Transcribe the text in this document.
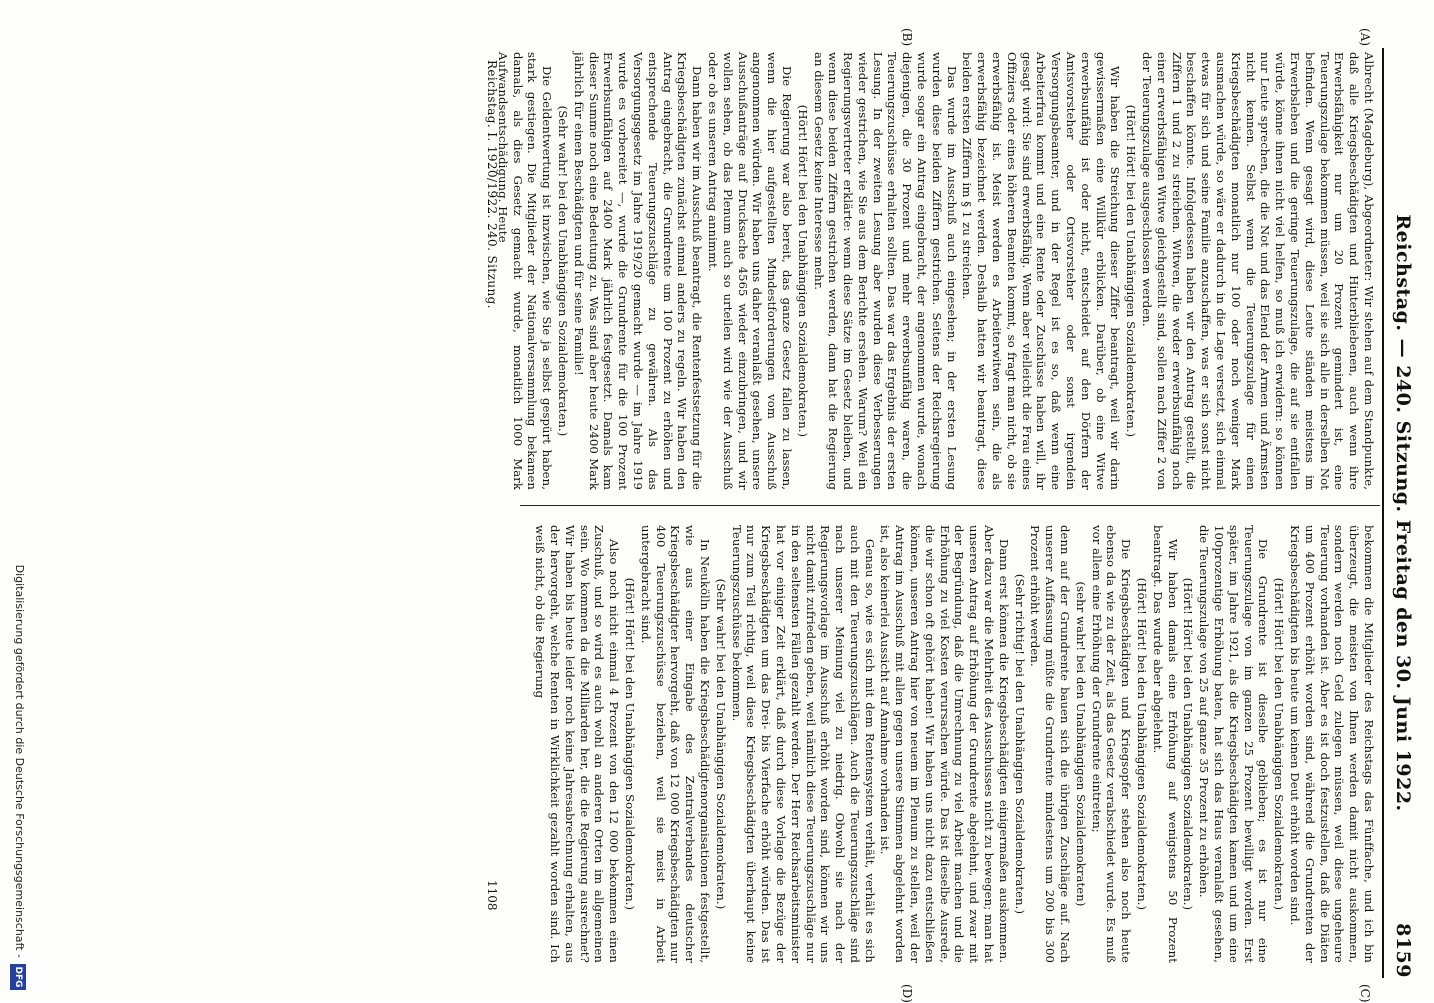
Reichstag. — 240. Sitzung. Freitag den 30. Juni 1922.
8159
(A)
(B)
(C)
(D)

Albrecht (Magdeburg), Abgeordneter: Wir stehen auf dem Standpunkte, daß alle Kriegsbeschädigten und Hinterbliebenen, auch wenn ihre Erwerbsfähigkeit nur um 20 Prozent gemindert ist, eine Teuerungszulage bekommen müssen, weil sie sich alle in derselben Not befinden. Wenn gesagt wird, diese Leute ständen meistens im Erwerbsleben und die geringe Teuerungszulage, die auf sie entfallen würde, könne ihnen nicht viel helfen, so muß ich erwidern: so können nur Leute sprechen, die die Not und das Elend der Armen und Ärmsten nicht kennen. Selbst wenn die Teuerungszulage für einen Kriegsbeschädigten monatlich nur 100 oder noch weniger Mark ausmachen würde, so wäre er dadurch in die Lage versetzt, sich einmal etwas für sich und seine Familie anzuschaffen, was er sich sonst nicht beschaffen könnte. Infolgedessen haben wir den Antrag gestellt, die Ziffern 1 und 2 zu streichen. Witwen, die weder erwerbsunfähig noch einer erwerbsfähigen Witwe gleichgestellt sind, sollen nach Ziffer 2 von der Teuerungszulage ausgeschlossen werden.

(Hört! Hört! bei den Unabhängigen Sozialdemokraten.)

Wir haben die Streichung dieser Ziffer beantragt, weil wir darin gewissermaßen eine Willkür erblicken. Darüber, ob eine Witwe erwerbsunfähig ist oder nicht, entscheidet auf den Dörfern der Amtsvorsteher oder Ortsvorsteher oder sonst irgendein Versorgungsbeamter, und in der Regel ist es so, daß wenn eine Arbeiterfrau kommt und eine Rente oder Zuschüsse haben will, ihr gesagt wird: Sie sind erwerbsfähig. Wenn aber vielleicht die Frau eines Offiziers oder eines höheren Beamten kommt, so fragt man nicht, ob sie erwerbsfähig ist. Meist werden es Arbeiterwitwen sein, die als erwerbsfähig bezeichnet werden. Deshalb hatten wir beantragt, diese beiden ersten Ziffern im § 1 zu streichen.

Das wurde im Ausschuß auch eingesehen; in der ersten Lesung wurden diese beiden Ziffern gestrichen. Seitens der Reichsregierung wurde sogar ein Antrag eingebracht, der angenommen wurde, wonach diejenigen, die 30 Prozent und mehr erwerbsunfähig waren, die Teuerungszuschüsse erhalten sollten. Das war das Ergebnis der ersten Lesung. In der zweiten Lesung aber wurden diese Verbesserungen wieder gestrichen, wie Sie aus dem Berichte ersehen. Warum? Weil ein Regierungsvertreter erklärte: wenn diese Sätze im Gesetz bleiben, und wenn diese beiden Ziffern gestrichen werden, dann hat die Regierung an diesem Gesetz keine Interesse mehr.

(Hört! Hört! bei den Unabhängigen Sozialdemokraten.)

Die Regierung war also bereit, das ganze Gesetz fallen zu lassen, wenn die hier aufgestellten Mindestforderungen vom Ausschuß angenommen würden. Wir haben uns daher veranlaßt gesehen, unsere Ausschußanträge auf Drucksache 4565 wieder einzubringen, und wir wollen sehen, ob das Plenum auch so urteilen wird wie der Ausschuß oder ob es unseren Antrag annimmt.

Dann haben wir im Ausschuß beantragt, die Rentenfestsetzung für die Kriegsbeschädigten zunächst einmal anders zu regeln. Wir haben den Antrag eingebracht, die Grundrente um 100 Prozent zu erhöhen und entsprechende Teuerungszuschläge zu gewähren. Als das Versorgungsgesetz im Jahre 1919/20 gemacht wurde — im Jahre 1919 wurde es vorbereitet —, wurde die Grundrente für die 100 Prozent Erwerbsunfähigen auf 2400 Mark jährlich festgesetzt. Damals kam dieser Summe noch eine Bedeutung zu. Was sind aber heute 2400 Mark jährlich für einen Beschädigten und für seine Familie!

(Sehr wahr! bei den Unabhängigen Sozialdemokraten.)

Die Geldentwertung ist inzwischen, wie Sie ja selbst gespürt haben, stark gestiegen. Die Mitglieder der Nationalversammlung bekamen damals, als dies Gesetz gemacht wurde, monatlich 1000 Mark Aufwandsentschädigung. Heute

bekommen die Mitglieder des Reichstags das Fünffache, und ich bin überzeugt, die meisten von Ihnen werden damit nicht auskommen, sondern werden noch Geld zulegen müssen, weil diese ungeheure Teuerung vorhanden ist. Aber es ist doch festzustellen, daß die Diäten um 400 Prozent erhöht worden sind, während die Grundrenten der Kriegsbeschädigten bis heute um keinen Deut erhöht worden sind.

(Hört! Hört! bei den Unabhängigen Sozialdemokraten.)

Die Grundrente ist dieselbe geblieben; es ist nur eine Teuerungszulage von im ganzen 25 Prozent bewilligt worden. Erst später, im Jahre 1921, als die Kriegsbeschädigten kamen und um eine 100prozentige Erhöhung baten, hat sich das Haus veranlaßt gesehen, die Teuerungszulage von 25 auf ganze 35 Prozent zu erhöhen.

(Hört! Hört! bei den Unabhängigen Sozialdemokraten.)

Wir haben damals eine Erhöhung auf wenigstens 50 Prozent beantragt. Das wurde aber abgelehnt.

(Hört! Hört! bei den Unabhängigen Sozialdemokraten.)

Die Kriegsbeschädigten und Kriegsopfer stehen also noch heute ebenso da wie zu der Zeit, als das Gesetz verabschiedet wurde. Es muß vor allem eine Erhöhung der Grundrente eintreten;

(sehr wahr! bei den Unabhängigen Sozialdemokraten)

denn auf der Grundrente bauen sich die übrigen Zuschläge auf. Nach unserer Auffassung müßte die Grundrente mindestens um 200 bis 300 Prozent erhöht werden.

(Sehr richtig! bei den Unabhängigen Sozialdemokraten.)

Dann erst können die Kriegsbeschädigten einigermaßen auskommen. Aber dazu war die Mehrheit des Ausschusses nicht zu bewegen; man hat unseren Antrag auf Erhöhung der Grundrente abgelehnt, und zwar mit der Begründung, daß die Umrechnung zu viel Arbeit machen und die Erhöhung zu viel Kosten verursachen würde. Das ist dieselbe Ausrede, die wir schon oft gehört haben! Wir haben uns nicht dazu entschließen können, unseren Antrag hier von neuem im Plenum zu stellen, weil der Antrag im Ausschuß mit allen gegen unsere Stimmen abgelehnt worden ist, also keinerlei Aussicht auf Annahme vorhanden ist.

Genau so, wie es sich mit dem Rentensystem verhält, verhält es sich auch mit den Teuerungszuschlägen. Auch die Teuerungszuschläge sind nach unserer Meinung viel zu niedrig. Obwohl sie nach der Regierungsvorlage im Ausschuß erhöht worden sind, können wir uns nicht damit zufrieden geben, weil nämlich diese Teuerungszuschläge nur in den seltensten Fällen gezahlt werden. Der Herr Reichsarbeitsminister hat vor einiger Zeit erklärt, daß durch diese Vorlage die Bezüge der Kriegsbeschädigten um das Drei- bis Vierfache erhöht würden. Das ist nur zum Teil richtig, weil diese Kriegsbeschädigten überhaupt keine Teuerungszuschüsse bekommen.

(Sehr wahr! bei den Unabhängigen Sozialdemokraten.)

In Neukölln haben die Kriegsbeschädigtenorganisationen festgestellt, wie aus einer Eingabe des Zentralverbandes deutscher Kriegsbeschädigter hervorgeht, daß von 12 000 Kriegsbeschädigten nur 400 Teuerungszuschüsse beziehen, weil sie meist in Arbeit untergebracht sind.

(Hört! Hört! bei den Unabhängigen Sozialdemokraten.)

Also noch nicht einmal 4 Prozent von den 12 000 bekommen einen Zuschuß, und so wird es auch wohl an anderen Orten im allgemeinen sein. Wo kommen da die Milliarden her, die die Regierung ausrechnet? Wir haben bis heute leider noch keine Jahresabrechnung erhalten, aus der hervorgeht, welche Renten in Wirklichkeit gezahlt worden sind. Ich weiß nicht, ob die Regierung

Reichstag. I. 1920/1922. 240. Sitzung.
1108
Digitalisierung gefördert durch die Deutsche Forschungsgemeinschaft -
DFG
